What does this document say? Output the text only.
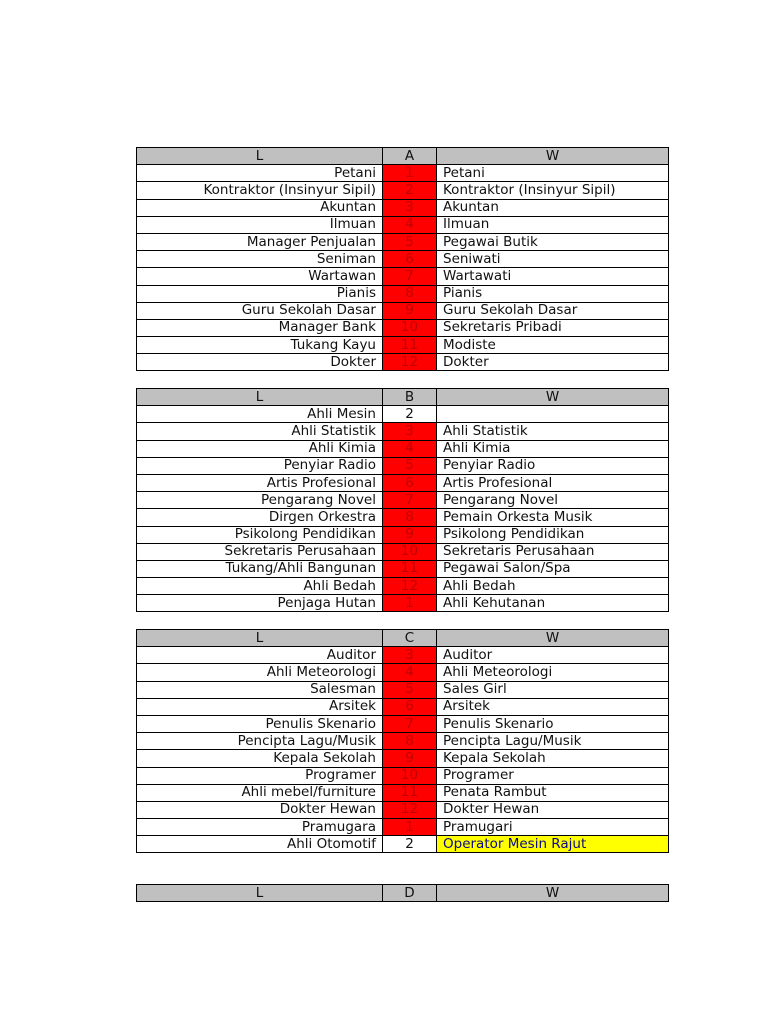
L	A	W
Petani	1	Petani
Kontraktor (Insinyur Sipil)	2	Kontraktor (Insinyur Sipil)
Akuntan	3	Akuntan
Ilmuan	4	Ilmuan
Manager Penjualan	5	Pegawai Butik
Seniman	6	Seniwati
Wartawan	7	Wartawati
Pianis	8	Pianis
Guru Sekolah Dasar	9	Guru Sekolah Dasar
Manager Bank	10	Sekretaris Pribadi
Tukang Kayu	11	Modiste
Dokter	12	Dokter
L	B	W
Ahli Mesin	2	
Ahli Statistik	3	Ahli Statistik
Ahli Kimia	4	Ahli Kimia
Penyiar Radio	5	Penyiar Radio
Artis Profesional	6	Artis Profesional
Pengarang Novel	7	Pengarang Novel
Dirgen Orkestra	8	Pemain Orkesta Musik
Psikolong Pendidikan	9	Psikolong Pendidikan
Sekretaris Perusahaan	10	Sekretaris Perusahaan
Tukang/Ahli Bangunan	11	Pegawai Salon/Spa
Ahli Bedah	12	Ahli Bedah
Penjaga Hutan	1	Ahli Kehutanan
L	C	W
Auditor	3	Auditor
Ahli Meteorologi	4	Ahli Meteorologi
Salesman	5	Sales Girl
Arsitek	6	Arsitek
Penulis Skenario	7	Penulis Skenario
Pencipta Lagu/Musik	8	Pencipta Lagu/Musik
Kepala Sekolah	9	Kepala Sekolah
Programer	10	Programer
Ahli mebel/furniture	11	Penata Rambut
Dokter Hewan	12	Dokter Hewan
Pramugara	1	Pramugari
Ahli Otomotif	2	Operator Mesin Rajut
L	D	W
